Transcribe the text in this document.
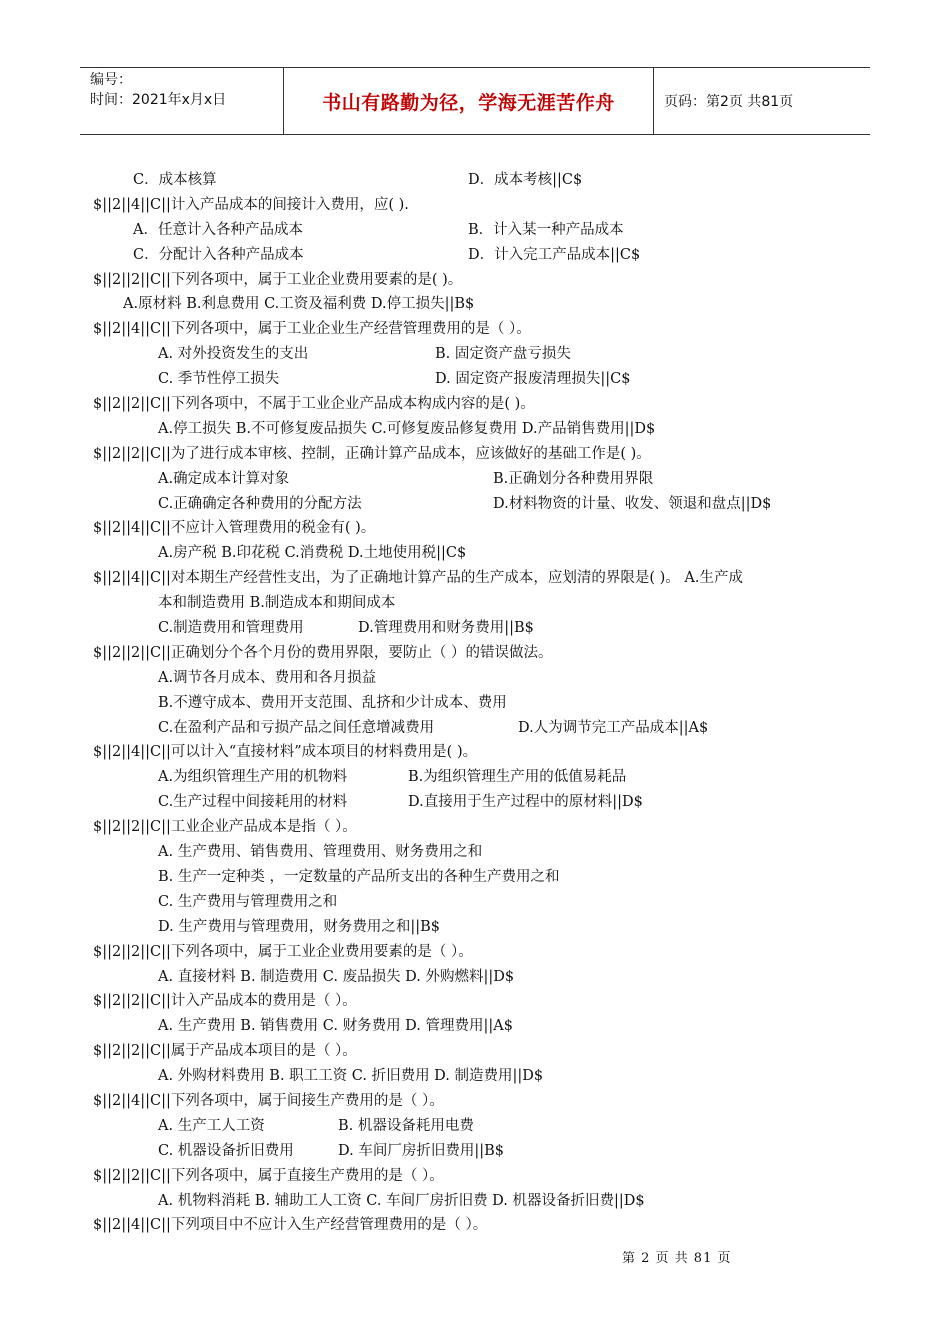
编号：
时间：2021年x月x日	书山有路勤为径，学海无涯苦作舟	页码：第2页 共81页
C．成本核算	D．成本考核||C$
$||2||4||C||计入产品成本的间接计入费用，应( ).
A．任意计入各种产品成本	B．计入某一种产品成本
C．分配计入各种产品成本	D．计入完工产品成本||C$
$||2||2||C||下列各项中，属于工业企业费用要素的是( )。
A.原材料 B.利息费用 C.工资及福利费 D.停工损失||B$
$||2||4||C||下列各项中，属于工业企业生产经营管理费用的是（ ）。
A. 对外投资发生的支出	B. 固定资产盘亏损失
C. 季节性停工损失	D. 固定资产报废清理损失||C$
$||2||2||C||下列各项中，不属于工业企业产品成本构成内容的是( )。
A.停工损失 B.不可修复废品损失 C.可修复废品修复费用 D.产品销售费用||D$
$||2||2||C||为了进行成本审核、控制，正确计算产品成本，应该做好的基础工作是( )。
A.确定成本计算对象	B.正确划分各种费用界限
C.正确确定各种费用的分配方法	D.材料物资的计量、收发、领退和盘点||D$
$||2||4||C||不应计入管理费用的税金有( )。
A.房产税 B.印花税 C.消费税 D.土地使用税||C$
$||2||4||C||对本期生产经营性支出，为了正确地计算产品的生产成本，应划清的界限是( )。 A.生产成
本和制造费用 B.制造成本和期间成本
C.制造费用和管理费用	D.管理费用和财务费用||B$
$||2||2||C||正确划分个各个月份的费用界限，要防止（ ）的错误做法。
A.调节各月成本、费用和各月损益
B.不遵守成本、费用开支范围、乱挤和少计成本、费用
C.在盈利产品和亏损产品之间任意增减费用	D.人为调节完工产品成本||A$
$||2||4||C||可以计入“直接材料”成本项目的材料费用是( )。
A.为组织管理生产用的机物料	B.为组织管理生产用的低值易耗品
C.生产过程中间接耗用的材料	D.直接用于生产过程中的原材料||D$
$||2||2||C||工业企业产品成本是指（ ）。
A. 生产费用、销售费用、管理费用、财务费用之和
B. 生产一定种类 ，一定数量的产品所支出的各种生产费用之和
C. 生产费用与管理费用之和
D. 生产费用与管理费用，财务费用之和||B$
$||2||2||C||下列各项中，属于工业企业费用要素的是（ ）。
A. 直接材料 B. 制造费用 C. 废品损失 D. 外购燃料||D$
$||2||2||C||计入产品成本的费用是（ ）。
A. 生产费用 B. 销售费用 C. 财务费用 D. 管理费用||A$
$||2||2||C||属于产品成本项目的是（ ）。
A. 外购材料费用 B. 职工工资 C. 折旧费用 D. 制造费用||D$
$||2||4||C||下列各项中，属于间接生产费用的是（ ）。
A. 生产工人工资	B. 机器设备耗用电费
C. 机器设备折旧费用	D. 车间厂房折旧费用||B$
$||2||2||C||下列各项中，属于直接生产费用的是（ ）。
A. 机物料消耗 B. 辅助工人工资 C. 车间厂房折旧费 D. 机器设备折旧费||D$
$||2||4||C||下列项目中不应计入生产经营管理费用的是（ ）。
第 2 页 共 81 页
